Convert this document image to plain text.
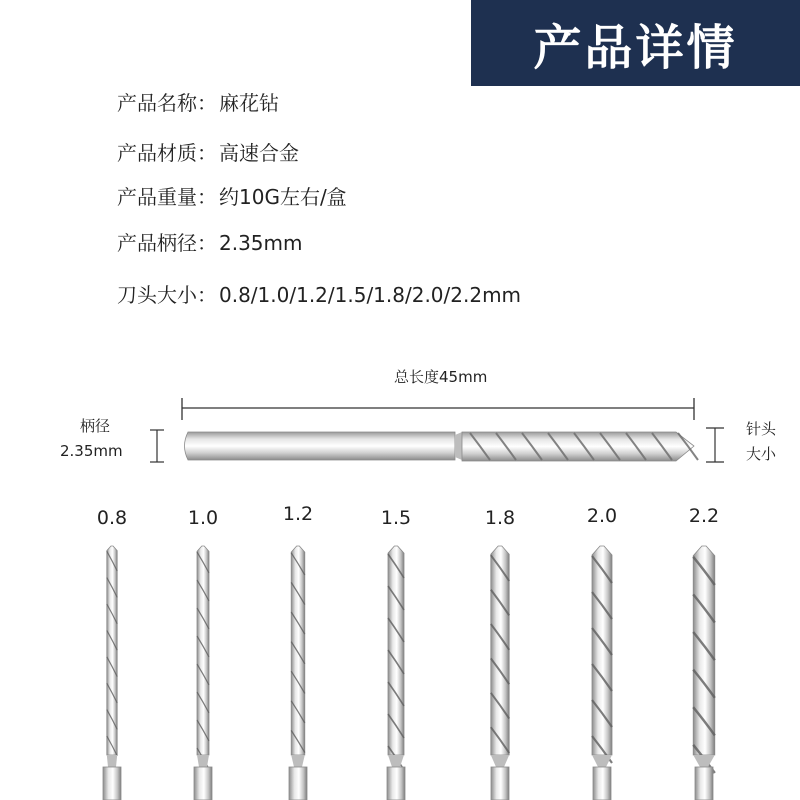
产品详情
产品名称： 麻花钻
产品材质： 高速合金
产品重量： 约10G左右/盒
产品柄径： 2.35mm
刀头大小： 0.8/1.0/1.2/1.5/1.8/2.0/2.2mm
总长度45mm
柄径
2.35mm
针头
大小
0.8	1.0	1.2	1.5	1.8	2.0	2.2
